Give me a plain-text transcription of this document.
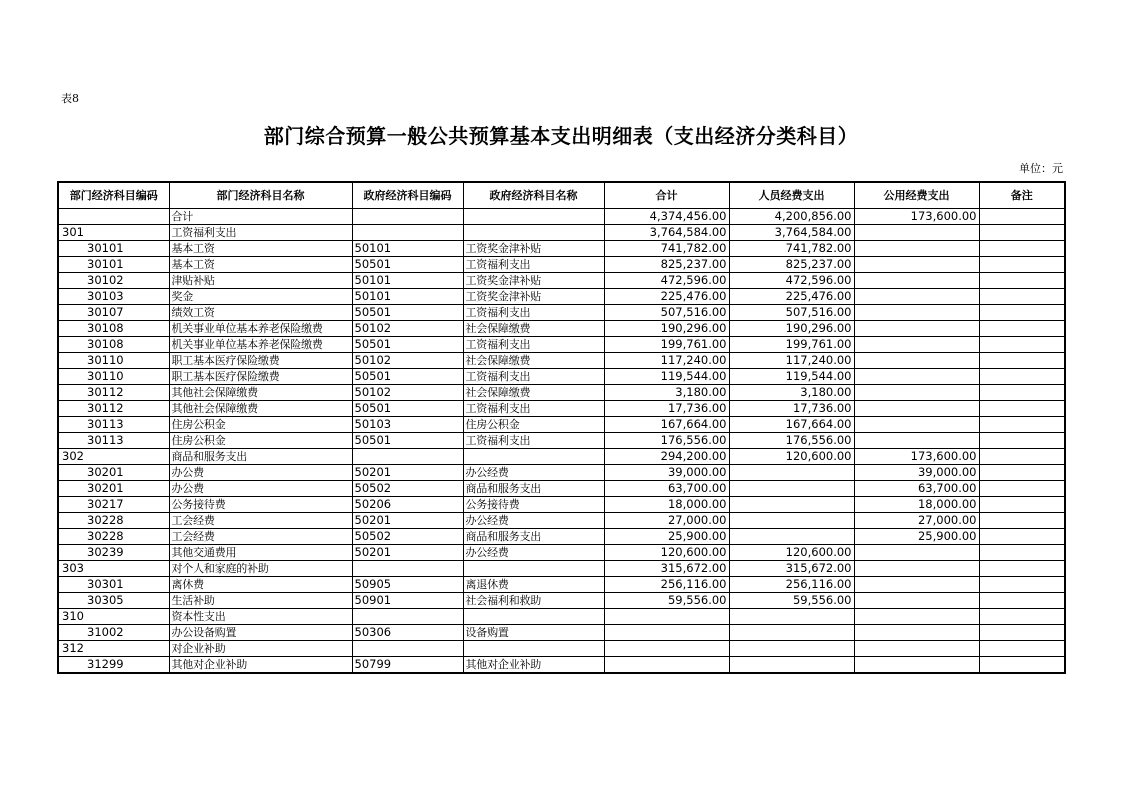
表8
部门综合预算一般公共预算基本支出明细表（支出经济分类科目）
单位：元
部门经济科目编码	部门经济科目名称	政府经济科目编码	政府经济科目名称	合计	人员经费支出	公用经费支出	备注
	合计			4,374,456.00	4,200,856.00	173,600.00	
301	工资福利支出			3,764,584.00	3,764,584.00		
30101	基本工资	50101	工资奖金津补贴	741,782.00	741,782.00		
30101	基本工资	50501	工资福利支出	825,237.00	825,237.00		
30102	津贴补贴	50101	工资奖金津补贴	472,596.00	472,596.00		
30103	奖金	50101	工资奖金津补贴	225,476.00	225,476.00		
30107	绩效工资	50501	工资福利支出	507,516.00	507,516.00		
30108	机关事业单位基本养老保险缴费	50102	社会保障缴费	190,296.00	190,296.00		
30108	机关事业单位基本养老保险缴费	50501	工资福利支出	199,761.00	199,761.00		
30110	职工基本医疗保险缴费	50102	社会保障缴费	117,240.00	117,240.00		
30110	职工基本医疗保险缴费	50501	工资福利支出	119,544.00	119,544.00		
30112	其他社会保障缴费	50102	社会保障缴费	3,180.00	3,180.00		
30112	其他社会保障缴费	50501	工资福利支出	17,736.00	17,736.00		
30113	住房公积金	50103	住房公积金	167,664.00	167,664.00		
30113	住房公积金	50501	工资福利支出	176,556.00	176,556.00		
302	商品和服务支出			294,200.00	120,600.00	173,600.00	
30201	办公费	50201	办公经费	39,000.00		39,000.00	
30201	办公费	50502	商品和服务支出	63,700.00		63,700.00	
30217	公务接待费	50206	公务接待费	18,000.00		18,000.00	
30228	工会经费	50201	办公经费	27,000.00		27,000.00	
30228	工会经费	50502	商品和服务支出	25,900.00		25,900.00	
30239	其他交通费用	50201	办公经费	120,600.00	120,600.00		
303	对个人和家庭的补助			315,672.00	315,672.00		
30301	离休费	50905	离退休费	256,116.00	256,116.00		
30305	生活补助	50901	社会福利和救助	59,556.00	59,556.00		
310	资本性支出						
31002	办公设备购置	50306	设备购置				
312	对企业补助						
31299	其他对企业补助	50799	其他对企业补助				
